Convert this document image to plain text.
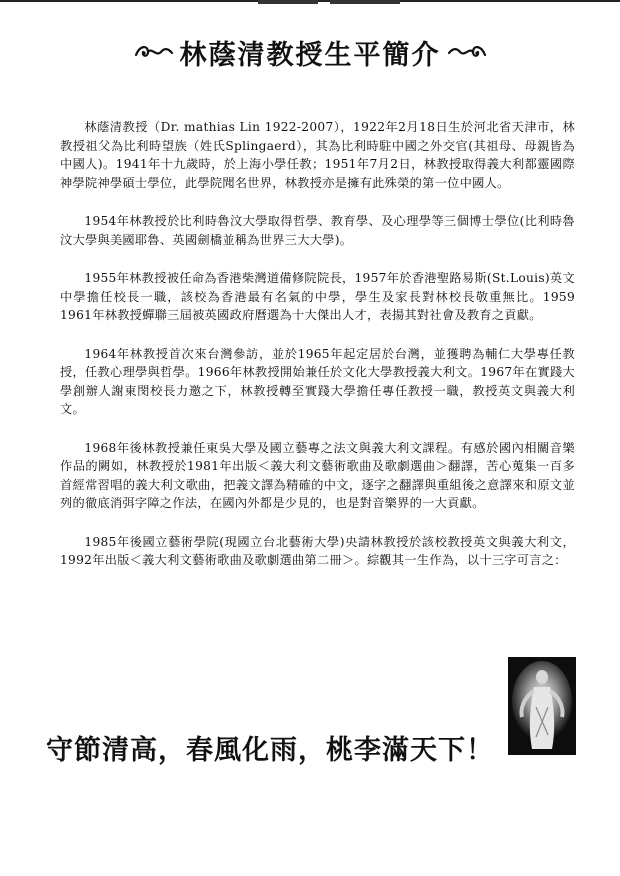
林蔭清教授生平簡介

林蔭清教授（Dr. mathias Lin 1922-2007），1922年2月18日生於河北省天津市，林教授祖父為比利時望族（姓氏Splingaerd），其為比利時駐中國之外交官(其祖母、母親皆為中國人)。1941年十九歲時，於上海小學任教；1951年7月2日，林教授取得義大利都靈國際神學院神學碩士學位，此學院聞名世界，林教授亦是擁有此殊榮的第一位中國人。

1954年林教授於比利時魯汶大學取得哲學、教育學、及心理學等三個博士學位(比利時魯汶大學與美國耶魯、英國劍橋並稱為世界三大大學)。

1955年林教授被任命為香港柴灣道備修院院長，1957年於香港聖路易斯(St.Louis)英文中學擔任校長一職，該校為香港最有名氣的中學，學生及家長對林校長敬重無比。1959 1961年林教授蟬聯三屆被英國政府曆選為十大傑出人才，表揚其對社會及教育之貢獻。

1964年林教授首次來台灣參訪，並於1965年起定居於台灣，並獲聘為輔仁大學專任教授，任教心理學與哲學。1966年林教授開始兼任於文化大學教授義大利文。1967年在實踐大學創辦人謝東閔校長力邀之下，林教授轉至實踐大學擔任專任教授一職，教授英文與義大利文。

1968年後林教授兼任東吳大學及國立藝專之法文與義大利文課程。有感於國內相關音樂作品的闕如，林教授於1981年出版＜義大利文藝術歌曲及歌劇選曲＞翻譯，苦心蒐集一百多首經常習唱的義大利文歌曲，把義文譯為精確的中文，逐字之翻譯與重組後之意譯來和原文並列的徹底消弭字障之作法，在國內外都是少見的，也是對音樂界的一大貢獻。

1985年後國立藝術學院(現國立台北藝術大學)央請林教授於該校教授英文與義大利文，1992年出版＜義大利文藝術歌曲及歌劇選曲第二冊＞。綜觀其一生作為，以十三字可言之：

守節清高，春風化雨，桃李滿天下！
